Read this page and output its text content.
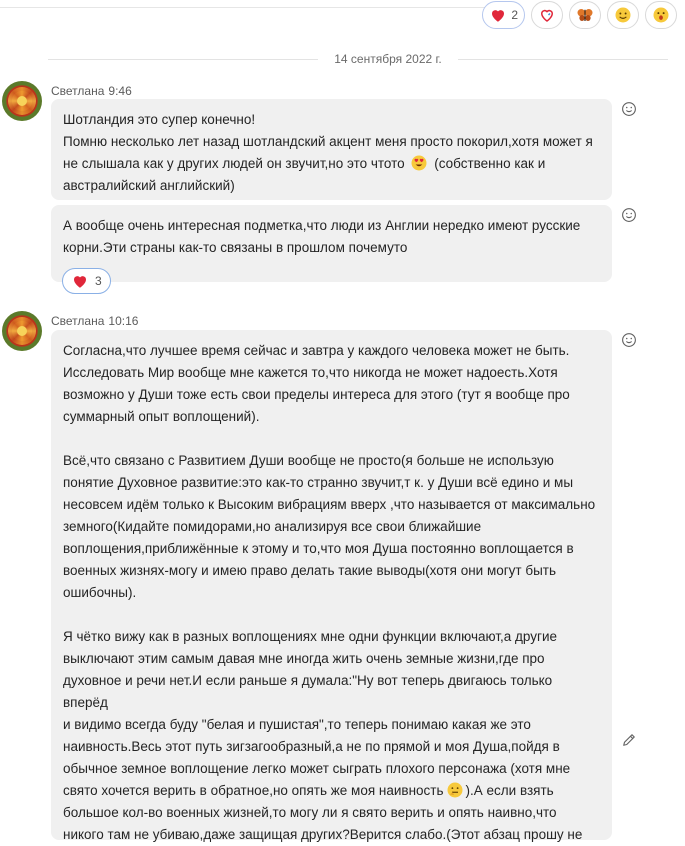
2
14 сентября 2022 г.
Светлана 9:46

Шотландия это супер конечно!

Помню несколько лет назад шотландский акцент меня просто покорил,хотя может я

не слышала как у других людей он звучит,но это чтото (собственно как и

австралийский английский)

А вообще очень интересная подметка,что люди из Англии нередко имеют русские

корни.Эти страны как-то связаны в прошлом почемуто

3
Светлана 10:16

Согласна,что лучшее время сейчас и завтра у каждого человека может не быть.

Исследовать Мир вообще мне кажется то,что никогда не может надоесть.Хотя

возможно у Души тоже есть свои пределы интереса для этого (тут я вообще про

суммарный опыт воплощений).

Всё,что связано с Развитием Души вообще не просто(я больше не использую

понятие Духовное развитие:это как-то странно звучит,т к. у Души всё едино и мы

несовсем идём только к Высоким вибрациям вверх ,что называется от максимально

земного(Кидайте помидорами,но анализируя все свои ближайшие

воплощения,приближённые к этому и то,что моя Душа постоянно воплощается в

военных жизнях-могу и имею право делать такие выводы(хотя они могут быть

ошибочны).

Я чётко вижу как в разных воплощениях мне одни функции включают,а другие

выключают этим самым давая мне иногда жить очень земные жизни,где про

духовное и речи нет.И если раньше я думала:"Ну вот теперь двигаюсь только вперёд

и видимо всегда буду "белая и пушистая",то теперь понимаю какая же это

наивность.Весь этот путь зигзагообразный,а не по прямой и моя Душа,пойдя в

обычное земное воплощение легко может сыграть плохого персонажа (хотя мне

свято хочется верить в обратное,но опять же моя наивность ).А если взять

большое кол-во военных жизней,то могу ли я свято верить и опять наивно,что

никого там не убиваю,даже защищая других?Верится слабо.(Этот абзац прошу не
